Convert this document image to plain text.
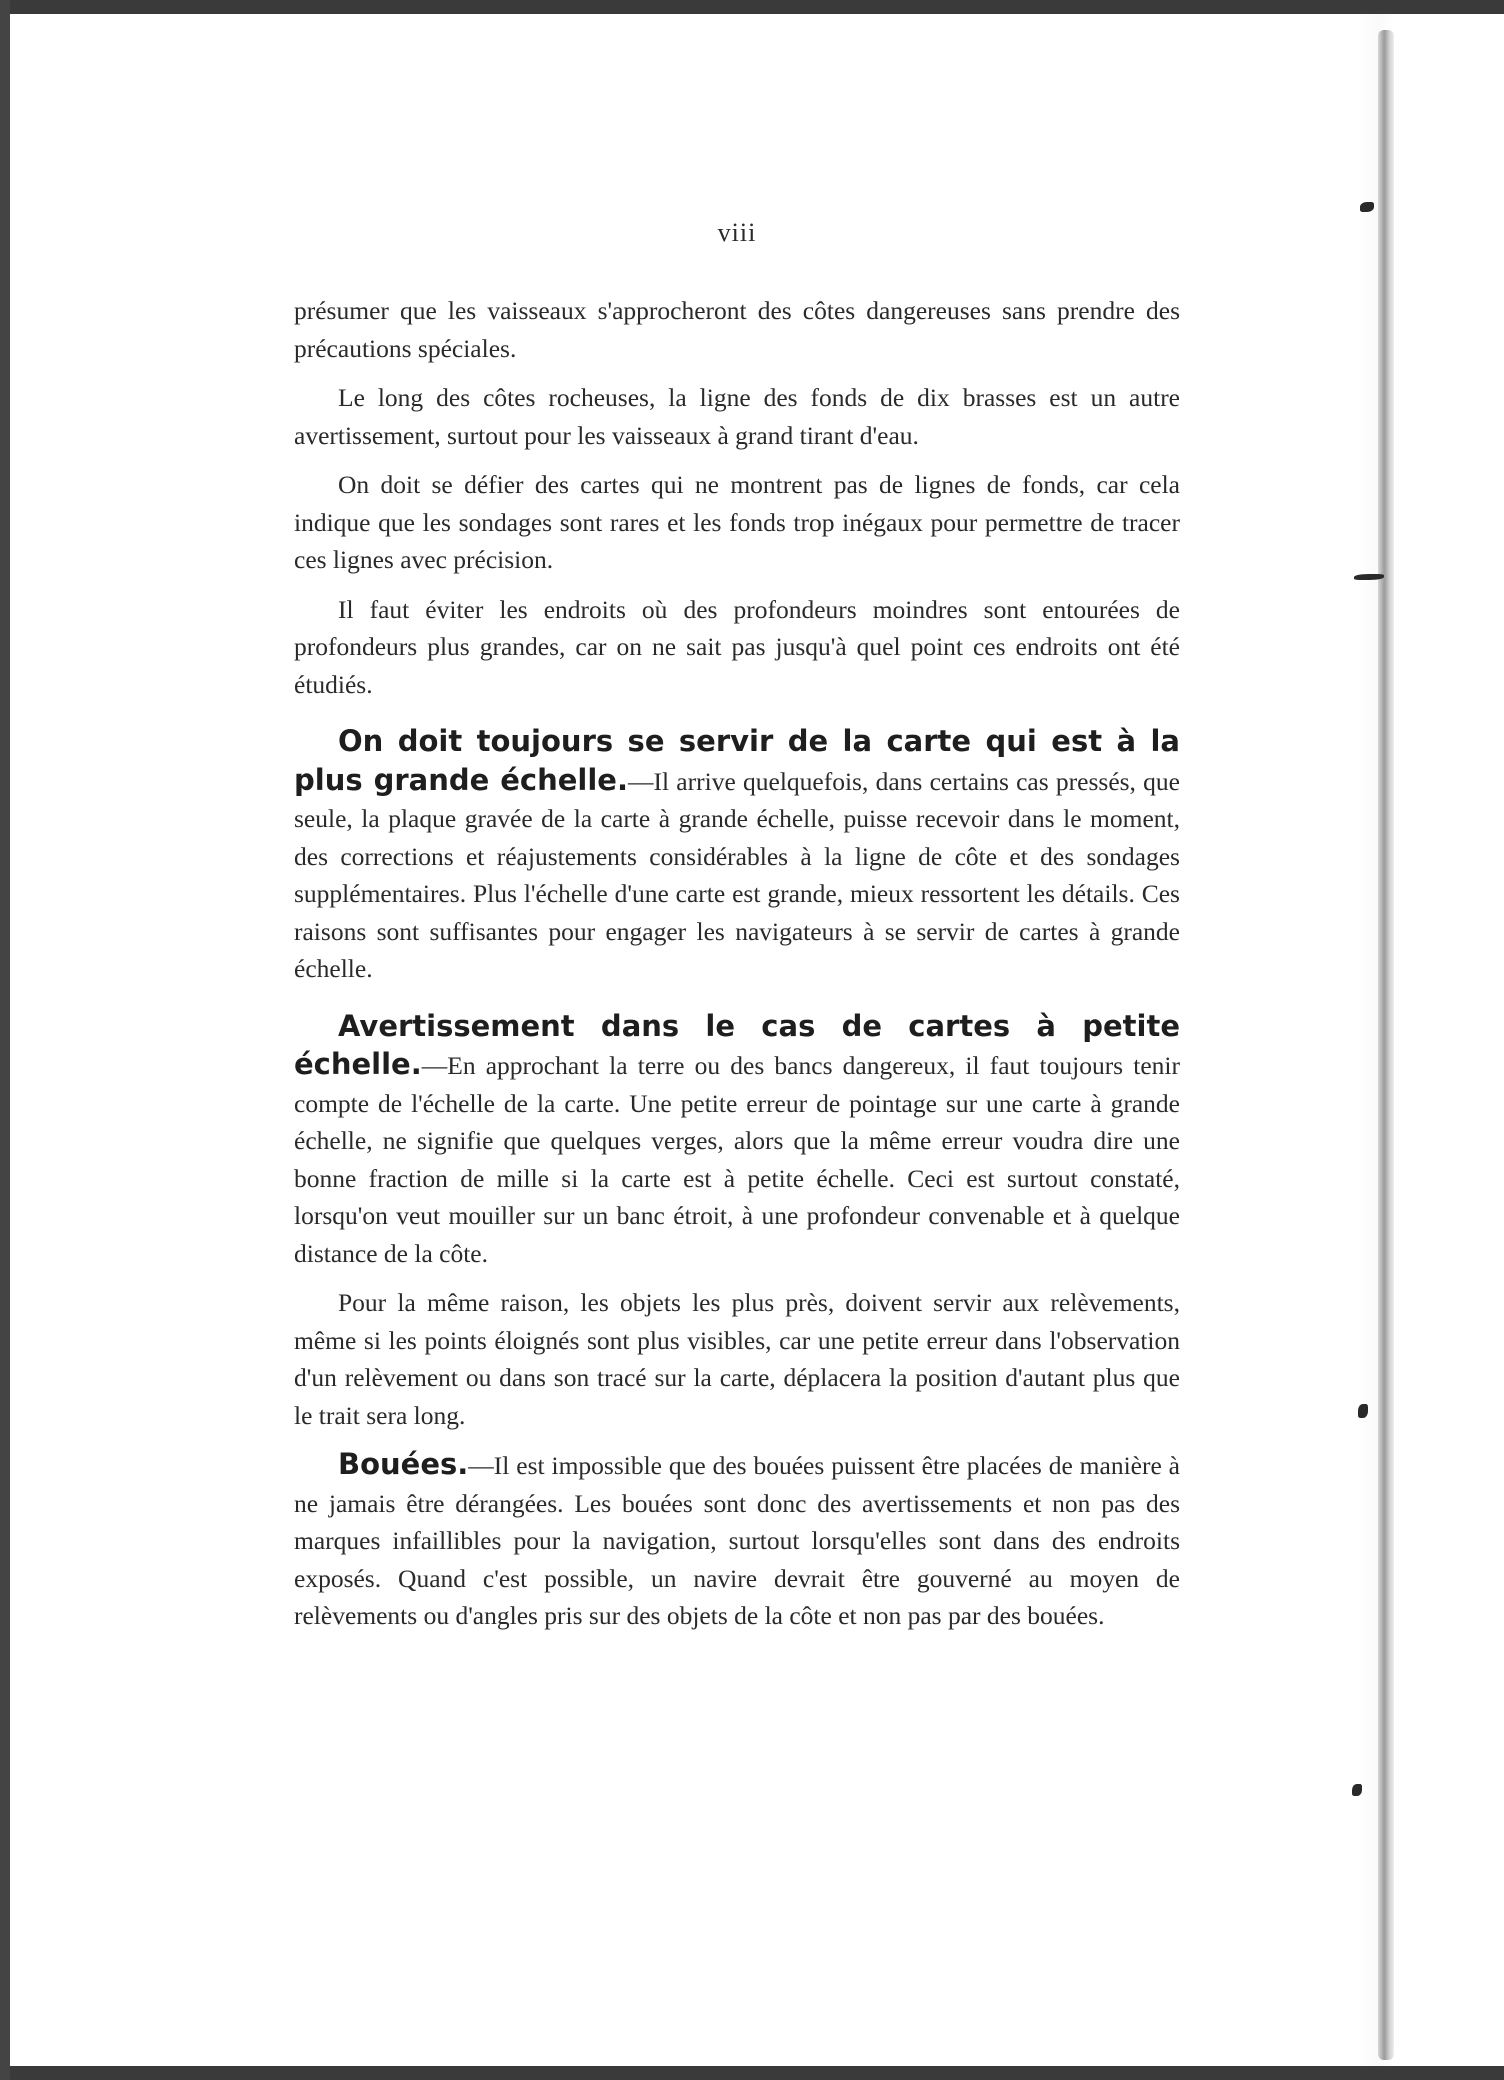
viii

présumer que les vaisseaux s'approcheront des côtes dangereuses sans prendre des précautions spéciales.

Le long des côtes rocheuses, la ligne des fonds de dix brasses est un autre avertissement, surtout pour les vaisseaux à grand tirant d'eau.

On doit se défier des cartes qui ne montrent pas de lignes de fonds, car cela indique que les sondages sont rares et les fonds trop inégaux pour permettre de tracer ces lignes avec précision.

Il faut éviter les endroits où des profondeurs moindres sont entourées de profondeurs plus grandes, car on ne sait pas jusqu'à quel point ces endroits ont été étudiés.

On doit toujours se servir de la carte qui est à la plus grande échelle.—Il arrive quelquefois, dans certains cas pressés, que seule, la plaque gravée de la carte à grande échelle, puisse recevoir dans le moment, des corrections et réajustements considérables à la ligne de côte et des sondages supplémentaires. Plus l'échelle d'une carte est grande, mieux ressortent les détails. Ces raisons sont suffisantes pour engager les navigateurs à se servir de cartes à grande échelle.

Avertissement dans le cas de cartes à petite échelle.—En approchant la terre ou des bancs dangereux, il faut toujours tenir compte de l'échelle de la carte. Une petite erreur de pointage sur une carte à grande échelle, ne signifie que quelques verges, alors que la même erreur voudra dire une bonne fraction de mille si la carte est à petite échelle. Ceci est surtout constaté, lorsqu'on veut mouiller sur un banc étroit, à une profondeur convenable et à quelque distance de la côte.

Pour la même raison, les objets les plus près, doivent servir aux relèvements, même si les points éloignés sont plus visibles, car une petite erreur dans l'observation d'un relèvement ou dans son tracé sur la carte, déplacera la position d'autant plus que le trait sera long.

Bouées.—Il est impossible que des bouées puissent être placées de manière à ne jamais être dérangées. Les bouées sont donc des avertissements et non pas des marques infaillibles pour la navigation, surtout lorsqu'elles sont dans des endroits exposés. Quand c'est possible, un navire devrait être gouverné au moyen de relèvements ou d'angles pris sur des objets de la côte et non pas par des bouées.
